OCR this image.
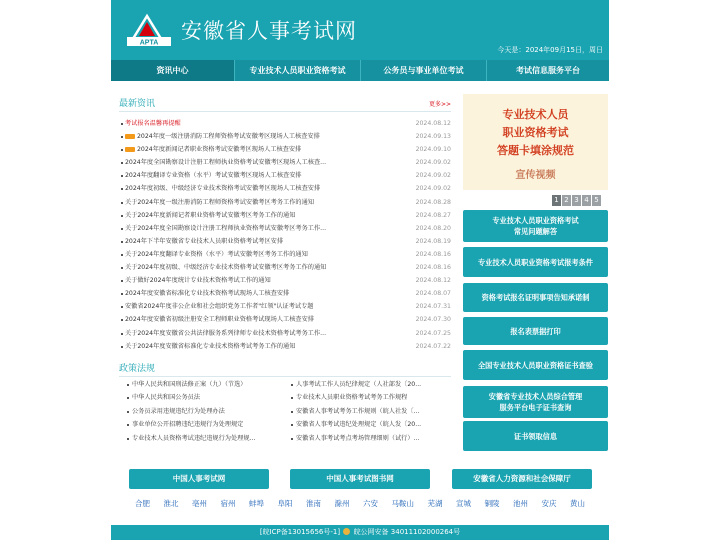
APTA 安徽省人事考试网
今天是：2024年09月15日，周日
资讯中心	专业技术人员职业资格考试	公务员与事业单位考试	考试信息服务平台
最新资讯	更多>>
考试报名温馨再提醒	2024.08.12
2024年度一级注册消防工程师资格考试安徽考区现场人工核查安排	2024.09.13
2024年度新闻记者职业资格考试安徽考区现场人工核查安排	2024.09.10
2024年度全国勘察设计注册工程师执业资格考试安徽考区现场人工核查...	2024.09.02
2024年度翻译专业资格（水平）考试安徽考区现场人工核查安排	2024.09.02
2024年度初级、中级经济专业技术资格考试安徽考区现场人工核查安排	2024.09.02
关于2024年度一级注册消防工程师资格考试安徽考区考务工作的通知	2024.08.28
关于2024年度新闻记者职业资格考试安徽考区考务工作的通知	2024.08.27
关于2024年度全国勘察设计注册工程师执业资格考试安徽考区考务工作...	2024.08.20
2024年下半年安徽省专业技术人员职业资格考试考区安排	2024.08.19
关于2024年度翻译专业资格（水平）考试安徽考区考务工作的通知	2024.08.16
关于2024年度初级、中级经济专业技术资格考试安徽考区考务工作的通知	2024.08.16
关于做好2024年度统计专业技术资格考试工作的通知	2024.08.12
2024年度安徽省标准化专业技术资格考试现场人工核查安排	2024.08.07
安徽省2024年度非公企业和社会组织党务工作者"红领"认证考试专题	2024.07.31
2024年度安徽省初级注册安全工程师职业资格考试现场人工核查安排	2024.07.30
关于2024年度安徽省公共法律服务系列律师专业技术资格考试考务工作...	2024.07.25
关于2024年度安徽省标准化专业技术资格考试考务工作的通知	2024.07.22
政策法规
中华人民共和国刑法修正案（九）（节选）
中华人民共和国公务员法
公务员录用违规违纪行为处理办法
事业单位公开招聘违纪违规行为处理规定
专业技术人员资格考试违纪违规行为处理规...
人事考试工作人员纪律规定（人社部发〔20...
专业技术人员职业资格考试考务工作规程
安徽省人事考试考务工作规则（皖人社发〔...
安徽省人事考试违纪处理规定（皖人发〔20...
安徽省人事考试考点考场管理细则（试行）...
专业技术人员
职业资格考试
答题卡填涂规范
宣传视频
1 2 3 4 5
专业技术人员职业资格考试
常见问题解答
专业技术人员职业资格考试报考条件
资格考试报名证明事项告知承诺制
报名表票据打印
全国专业技术人员职业资格证书查验
安徽省专业技术人员综合管理
服务平台电子证书查询
证书领取信息
中国人事考试网	中国人事考试图书网	安徽省人力资源和社会保障厅
合肥 淮北 亳州 宿州 蚌埠 阜阳 淮南 滁州 六安 马鞍山 芜湖 宣城 铜陵 池州 安庆 黄山
[皖ICP备13015656号-1] 皖公网安备 34011102000264号
